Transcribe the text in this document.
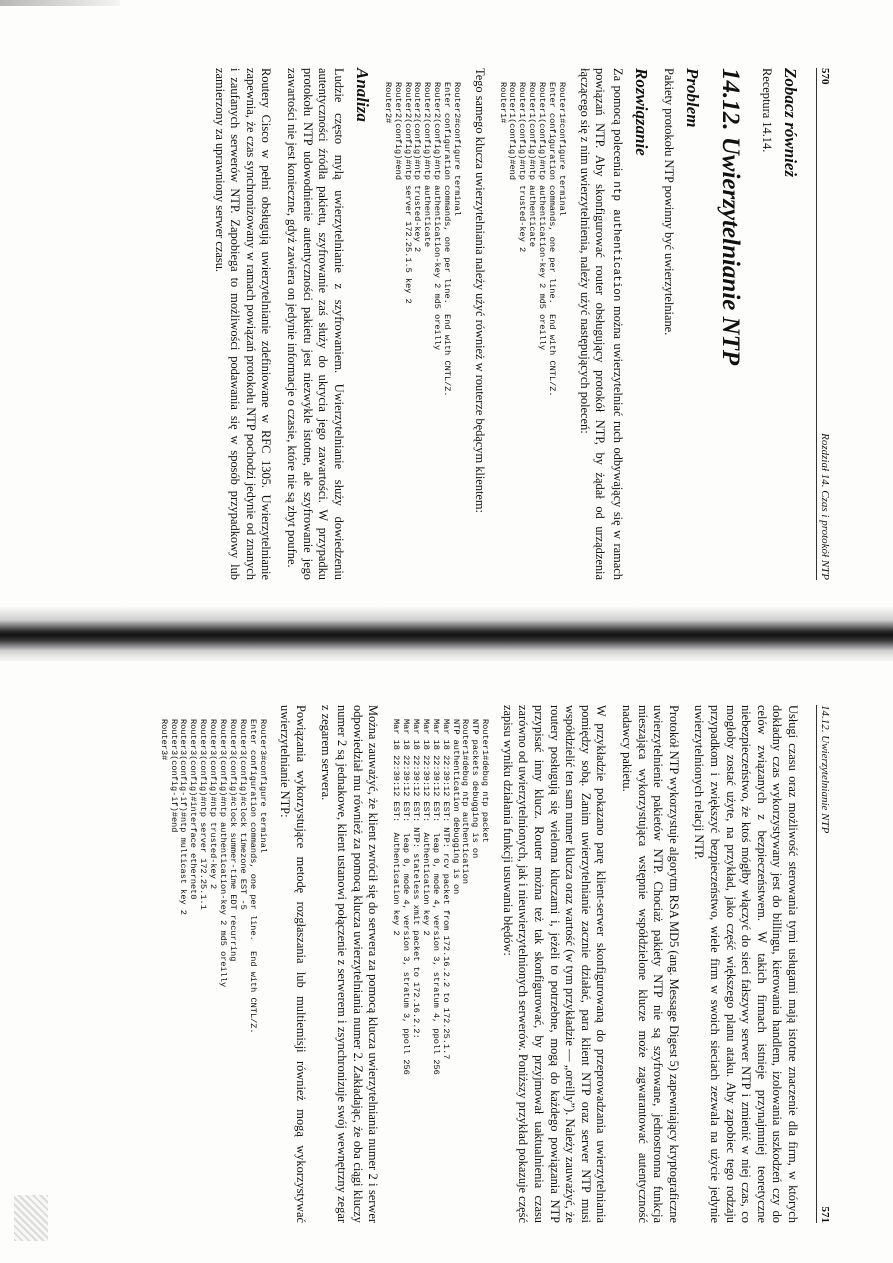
570
Rozdział 14. Czas i protokół NTP
Zobacz również

Receptura 14.14.

14.12. Uwierzytelnianie NTP
Problem

Pakiety protokołu NTP powinny być uwierzytelniane.

Rozwiązanie

Za pomocą polecenia ntp authentication można uwierzytelniać ruch odbywający się w ramach powiązań NTP. Aby skonfigurować router obsługujący protokół NTP, by żądał od urządzenia łączącego się z nim uwierzytelnienia, należy użyć następujących poleceń:

Router1#configure terminal
Enter configuration commands, one per line.  End with CNTL/Z.
Router1(config)#ntp authentication-key 2 md5 oreilly
Router1(config)#ntp authenticate
Router1(config)#ntp trusted-key 2
Router1(config)#end
Router1#

Tego samego klucza uwierzytelniania należy użyć również w routerze będącym klientem:

Router2#configure terminal
Enter configuration commands, one per line.  End with CNTL/Z.
Router2(config)#ntp authentication-key 2 md5 oreilly
Router2(config)#ntp authenticate
Router2(config)#ntp trusted-key 2
Router2(config)#ntp server 172.25.1.5 key 2
Router2(config)#end
Router2#
Analiza

Ludzie często mylą uwierzytelnianie z szyfrowaniem. Uwierzytelnianie służy dowiedzeniu autentyczności źródła pakietu, szyfrowanie zaś służy do ukrycia jego zawartości. W przypadku protokołu NTP udowodnienie autentyczności pakietu jest niezwykle istotne, ale szyfrowanie jego zawartości nie jest konieczne, gdyż zawiera on jedynie informacje o czasie, które nie są zbyt poufne.

Routery Cisco w pełni obsługują uwierzytelnianie zdefiniowane w RFC 1305. Uwierzytelnianie zapewnia, że czas synchronizowany w ramach powiązań protokołu NTP pochodzi jedynie od znanych i zaufanych serwerów NTP. Zapobiega to możliwości podawania się w sposób przypadkowy lub zamierzony za uprawniony serwer czasu.

14.12. Uwierzytelnianie NTP
571

Usługi czasu oraz możliwość sterowania tymi usługami mają istotne znaczenie dla firm, w których dokładny czas wykorzystywany jest do billingu, kierowania handlem, izolowania uszkodzeń czy do celów związanych z bezpieczeństwem. W takich firmach istnieje przynajmniej teoretyczne niebezpieczeństwo, że ktoś mógłby włączyć do sieci fałszywy serwer NTP i zmienić w niej czas, co mogłoby zostać użyte, na przykład, jako część większego planu ataku. Aby zapobiec tego rodzaju przypadkom i zwiększyć bezpieczeństwo, wiele firm w swoich sieciach zezwala na użycie jedynie uwierzytelnionych relacji NTP.

Protokół NTP wykorzystuje algorytm RSA MD5 (ang. Message Digest 5) zapewniający kryptograficzne uwierzytelnienie pakietów NTP. Chociaż pakiety NTP nie są szyfrowane, jednostronna funkcja mieszająca wykorzystująca wstępnie współdzielone klucze może zagwarantować autentyczność nadawcy pakietu.

W przykładzie pokazano parę klient-serwer skonfigurowaną do przeprowadzania uwierzytelniania pomiędzy sobą. Zanim uwierzytelnianie zacznie działać, para klient NTP oraz serwer NTP musi współdzielić ten sam numer klucza oraz wartość (w tym przykładzie — „oreilly”). Należy zauważyć, że routery posługują się wieloma kluczami i, jeżeli to potrzebne, mogą do każdego powiązania NTP przypisać inny klucz. Router można też tak skonfigurować, by przyjmował uaktualnienia czasu zarówno od uwierzytelnionych, jak i nieuwierzytelnionych serwerów. Poniższy przykład pokazuje część zapisu wyniku działania funkcji usuwania błędów:

Router1#debug ntp packet
NTP packets debugging is on
Router1#debug ntp authentication
NTP authentication debugging is on
Mar 18 22:39:12 EST: NTP: rcv packet from 172.16.2.2 to 172.25.1.7
Mar 18 22:39:12 EST:  leap 0, mode 4, version 3, stratum 4, ppoll 256
Mar 18 22:39:12 EST:  Authentication key 2
Mar 18 22:39:12 EST: NTP: stateless xmit packet to 172.16.2.2:
Mar 18 22:39:12 EST:  leap 0, mode 4, version 3, stratum 3, ppoll 256
Mar 18 22:39:12 EST:  Authentication key 2

Można zauważyć, że klient zwrócił się do serwera za pomocą klucza uwierzytelniania numer 2 i serwer odpowiedział mu również za pomocą klucza uwierzytelniania numer 2. Zakładając, że oba ciągi kluczy numer 2 są jednakowe, klient ustanowi połączenie z serwerem i zsynchronizuje swój wewnętrzny zegar z zegarem serwera.

Powiązania wykorzystujące metodę rozgłaszania lub multiemisji również mogą wykorzystywać uwierzytelnianie NTP:

Router3#configure terminal
Enter configuration commands, one per line.  End with CNTL/Z.
Router3(config)#clock timezone EST -5
Router3(config)#clock summer-time EDT recurring
Router3(config)#ntp authentication-key 2 md5 oreilly
Router3(config)#ntp trusted-key 2
Router3(config)#ntp server 172.25.1.1
Router3(config)#interface ethernet0
Router3(config-if)#ntp multicast key 2
Router3(config-if)#end
Router3#
